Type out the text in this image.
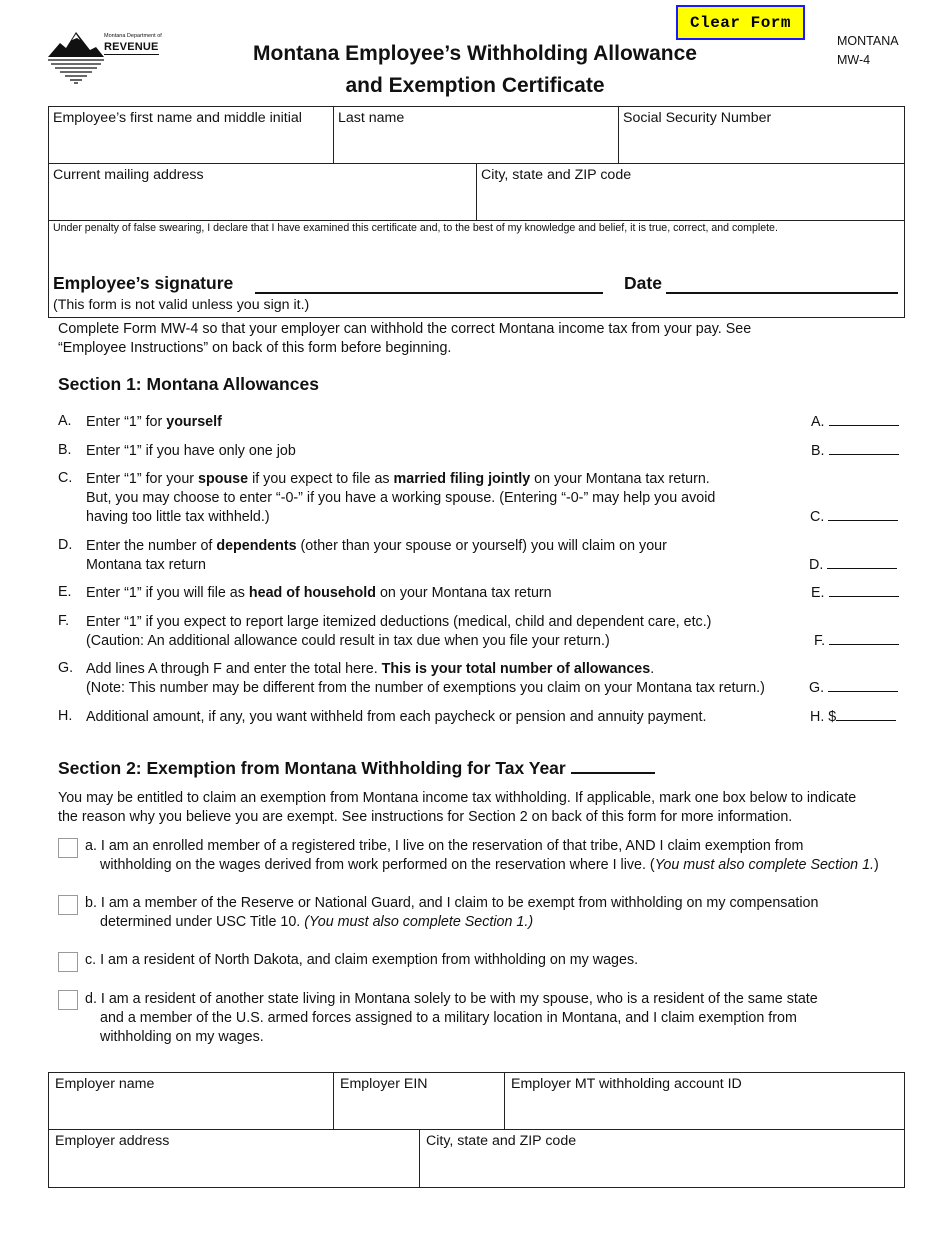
Montana Department of
REVENUE	Montana Employee’s Withholding Allowance
and Exemption Certificate
Clear Form
MONTANA
MW-4
Employee’s first name and middle initial	Last name	Social Security Number
Current mailing address	City, state and ZIP code
Under penalty of false swearing, I declare that I have examined this certificate and, to the best of my knowledge and belief, it is true, correct, and complete.
Employee’s signature	Date
(This form is not valid unless you sign it.)
Complete Form MW-4 so that your employer can withhold the correct Montana income tax from your pay. See
“Employee Instructions” on back of this form before beginning.
Section 1: Montana Allowances
A. Enter “1” for yourself	A.
B. Enter “1” if you have only one job	B.
C. Enter “1” for your spouse if you expect to file as married filing jointly on your Montana tax return.
But, you may choose to enter “-0-” if you have a working spouse. (Entering “-0-” may help you avoid
having too little tax withheld.)	C.
D. Enter the number of dependents (other than your spouse or yourself) you will claim on your
Montana tax return	D.
E. Enter “1” if you will file as head of household on your Montana tax return	E.
F. Enter “1” if you expect to report large itemized deductions (medical, child and dependent care, etc.)
(Caution: An additional allowance could result in tax due when you file your return.)	F.
G. Add lines A through F and enter the total here. This is your total number of allowances.
(Note: This number may be different from the number of exemptions you claim on your Montana tax return.)	G.
H. Additional amount, if any, you want withheld from each paycheck or pension and annuity payment.	H. $
Section 2: Exemption from Montana Withholding for Tax Year
You may be entitled to claim an exemption from Montana income tax withholding. If applicable, mark one box below to indicate
the reason why you believe you are exempt. See instructions for Section 2 on back of this form for more information.
a. I am an enrolled member of a registered tribe, I live on the reservation of that tribe, AND I claim exemption from
withholding on the wages derived from work performed on the reservation where I live. (You must also complete Section 1.)
b. I am a member of the Reserve or National Guard, and I claim to be exempt from withholding on my compensation
determined under USC Title 10. (You must also complete Section 1.)
c. I am a resident of North Dakota, and claim exemption from withholding on my wages.
d. I am a resident of another state living in Montana solely to be with my spouse, who is a resident of the same state
and a member of the U.S. armed forces assigned to a military location in Montana, and I claim exemption from
withholding on my wages.
Employer name	Employer EIN	Employer MT withholding account ID
Employer address	City, state and ZIP code
